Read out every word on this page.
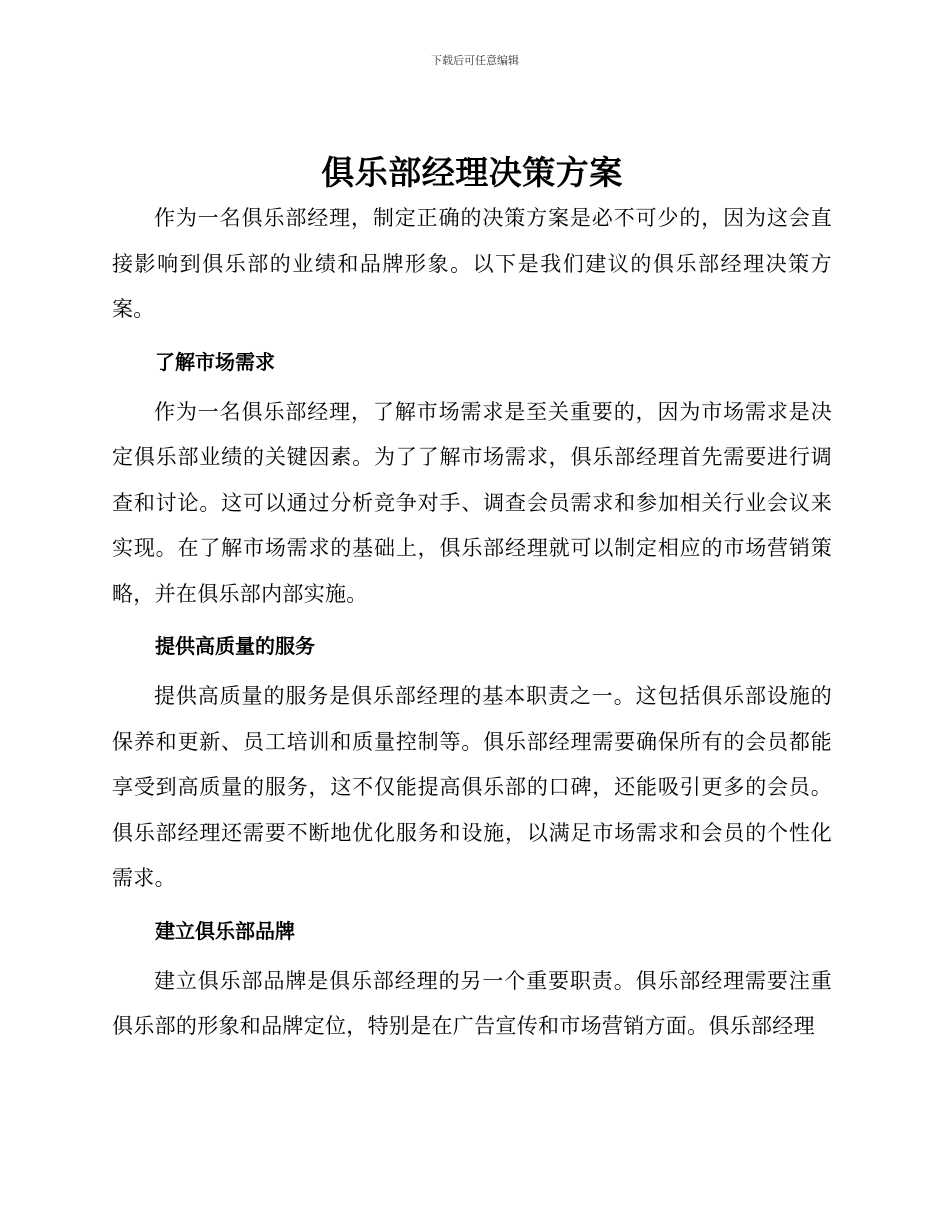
下载后可任意编辑
俱乐部经理决策方案

作为一名俱乐部经理，制定正确的决策方案是必不可少的，因为这会直接影响到俱乐部的业绩和品牌形象。以下是我们建议的俱乐部经理决策方案。

了解市场需求

作为一名俱乐部经理，了解市场需求是至关重要的，因为市场需求是决定俱乐部业绩的关键因素。为了了解市场需求，俱乐部经理首先需要进行调查和讨论。这可以通过分析竞争对手、调查会员需求和参加相关行业会议来实现。在了解市场需求的基础上，俱乐部经理就可以制定相应的市场营销策略，并在俱乐部内部实施。

提供高质量的服务

提供高质量的服务是俱乐部经理的基本职责之一。这包括俱乐部设施的保养和更新、员工培训和质量控制等。俱乐部经理需要确保所有的会员都能享受到高质量的服务，这不仅能提高俱乐部的口碑，还能吸引更多的会员。俱乐部经理还需要不断地优化服务和设施，以满足市场需求和会员的个性化需求。

建立俱乐部品牌

建立俱乐部品牌是俱乐部经理的另一个重要职责。俱乐部经理需要注重俱乐部的形象和品牌定位，特别是在广告宣传和市场营销方面。俱乐部经理
